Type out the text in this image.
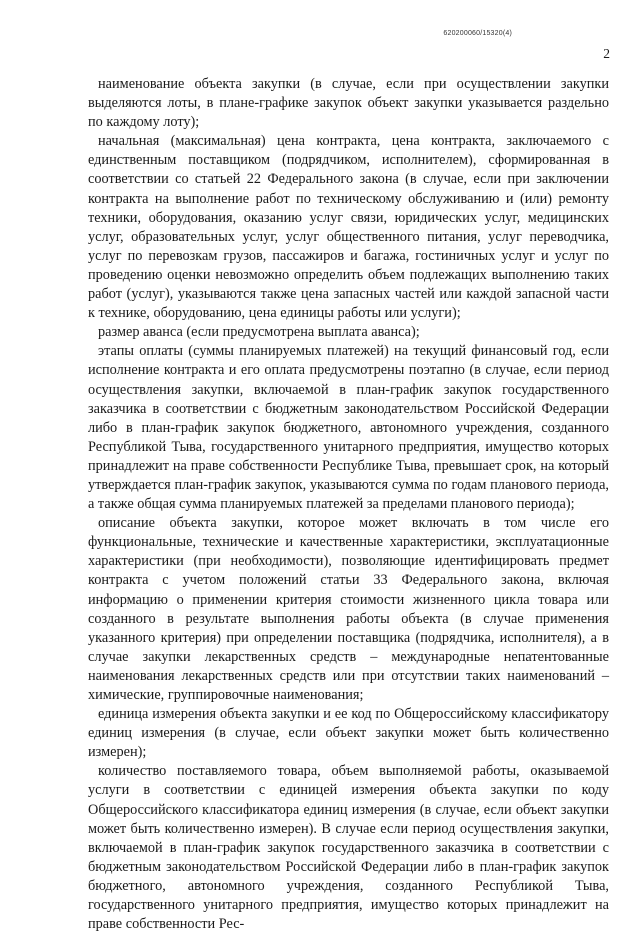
620200060/15320(4)
2

наименование объекта закупки (в случае, если при осуществлении закупки выделяются лоты, в плане-графике закупок объект закупки указывается раздельно по каждому лоту);

начальная (максимальная) цена контракта, цена контракта, заключаемого с единственным поставщиком (подрядчиком, исполнителем), сформированная в соответствии со статьей 22 Федерального закона (в случае, если при заключении контракта на выполнение работ по техническому обслуживанию и (или) ремонту техники, оборудования, оказанию услуг связи, юридических услуг, медицинских услуг, образовательных услуг, услуг общественного питания, услуг переводчика, услуг по перевозкам грузов, пассажиров и багажа, гостиничных услуг и услуг по проведению оценки невозможно определить объем подлежащих выполнению таких работ (услуг), указываются также цена запасных частей или каждой запасной части к технике, оборудованию, цена единицы работы или услуги);

размер аванса (если предусмотрена выплата аванса);

этапы оплаты (суммы планируемых платежей) на текущий финансовый год, если исполнение контракта и его оплата предусмотрены поэтапно (в случае, если период осуществления закупки, включаемой в план-график закупок государственного заказчика в соответствии с бюджетным законодательством Российской Федерации либо в план-график закупок бюджетного, автономного учреждения, созданного Республикой Тыва, государственного унитарного предприятия, имущество которых принадлежит на праве собственности Республике Тыва, превышает срок, на который утверждается план-график закупок, указываются сумма по годам планового периода, а также общая сумма планируемых платежей за пределами планового периода);

описание объекта закупки, которое может включать в том числе его функциональные, технические и качественные характеристики, эксплуатационные характеристики (при необходимости), позволяющие идентифицировать предмет контракта с учетом положений статьи 33 Федерального закона, включая информацию о применении критерия стоимости жизненного цикла товара или созданного в результате выполнения работы объекта (в случае применения указанного критерия) при определении поставщика (подрядчика, исполнителя), а в случае закупки лекарственных средств – международные непатентованные наименования лекарственных средств или при отсутствии таких наименований – химические, группировочные наименования;

единица измерения объекта закупки и ее код по Общероссийскому классификатору единиц измерения (в случае, если объект закупки может быть количественно измерен);

количество поставляемого товара, объем выполняемой работы, оказываемой услуги в соответствии с единицей измерения объекта закупки по коду Общероссийского классификатора единиц измерения (в случае, если объект закупки может быть количественно измерен). В случае если период осуществления закупки, включаемой в план-график закупок государственного заказчика в соответствии с бюджетным законодательством Российской Федерации либо в план-график закупок бюджетного, автономного учреждения, созданного Республикой Тыва, государственного унитарного предприятия, имущество которых принадлежит на праве собственности Рес-
